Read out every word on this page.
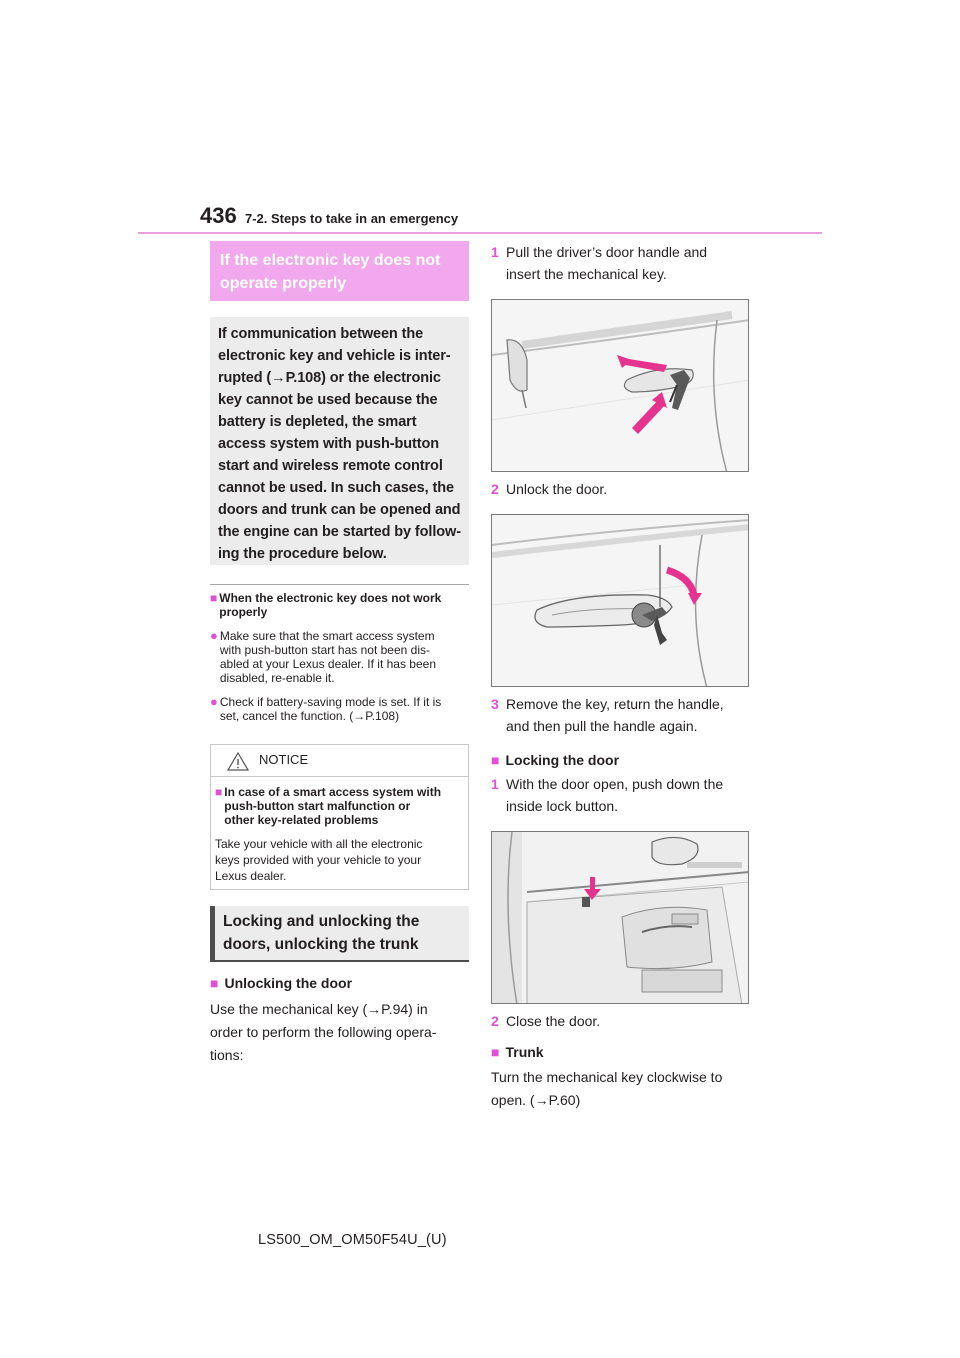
436 7-2. Steps to take in an emergency
If the electronic key does not
operate properly

If communication between the

electronic key and vehicle is inter-

rupted (→P.108) or the electronic

key cannot be used because the

battery is depleted, the smart

access system with push-button

start and wireless remote control

cannot be used. In such cases, the

doors and trunk can be opened and

the engine can be started by follow-

ing the procedure below.

■ When the electronic key does not work
properly
● Make sure that the smart access system
with push-button start has not been dis-
abled at your Lexus dealer. If it has been
disabled, re-enable it.
● Check if battery-saving mode is set. If it is
set, cancel the function. (→P.108)
NOTICE
■ In case of a smart access system with
push-button start malfunction or
other key-related problems

Take your vehicle with all the electronic
keys provided with your vehicle to your
Lexus dealer.

Locking and unlocking the
doors, unlocking the trunk
■ Unlocking the door
Use the mechanical key (→P.94) in
order to perform the following opera-
tions:
1 Pull the driver’s door handle and
insert the mechanical key.
2 Unlock the door.
3 Remove the key, return the handle,
and then pull the handle again.
■ Locking the door
1 With the door open, push down the
inside lock button.
2 Close the door.
■ Trunk
Turn the mechanical key clockwise to
open. (→P.60)
LS500_OM_OM50F54U_(U)
